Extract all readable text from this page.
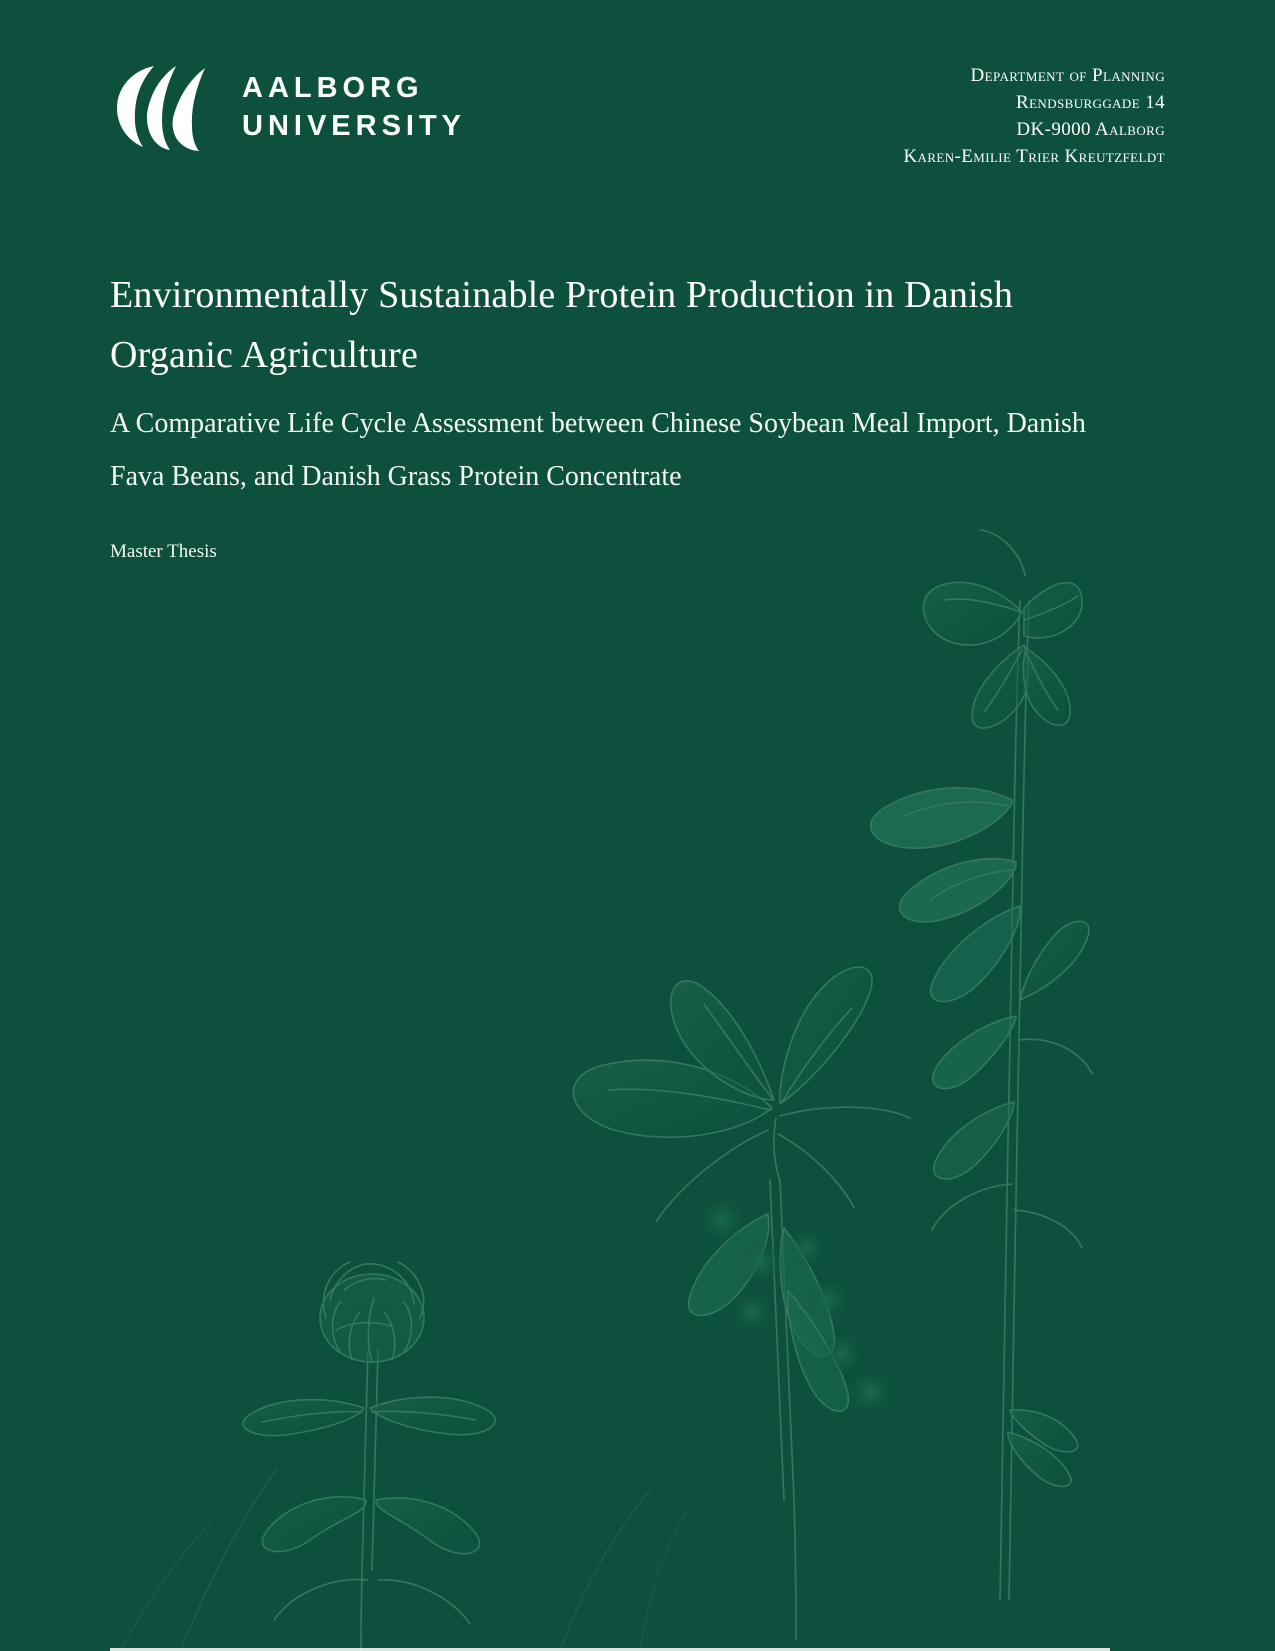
AALBORG
UNIVERSITY
Department of Planning
Rendsburggade 14
DK-9000 Aalborg
Karen-Emilie Trier Kreutzfeldt
Environmentally Sustainable Protein Production in Danish Organic Agriculture
A Comparative Life Cycle Assessment between Chinese Soybean Meal Import, Danish Fava Beans, and Danish Grass Protein Concentrate
Master Thesis
